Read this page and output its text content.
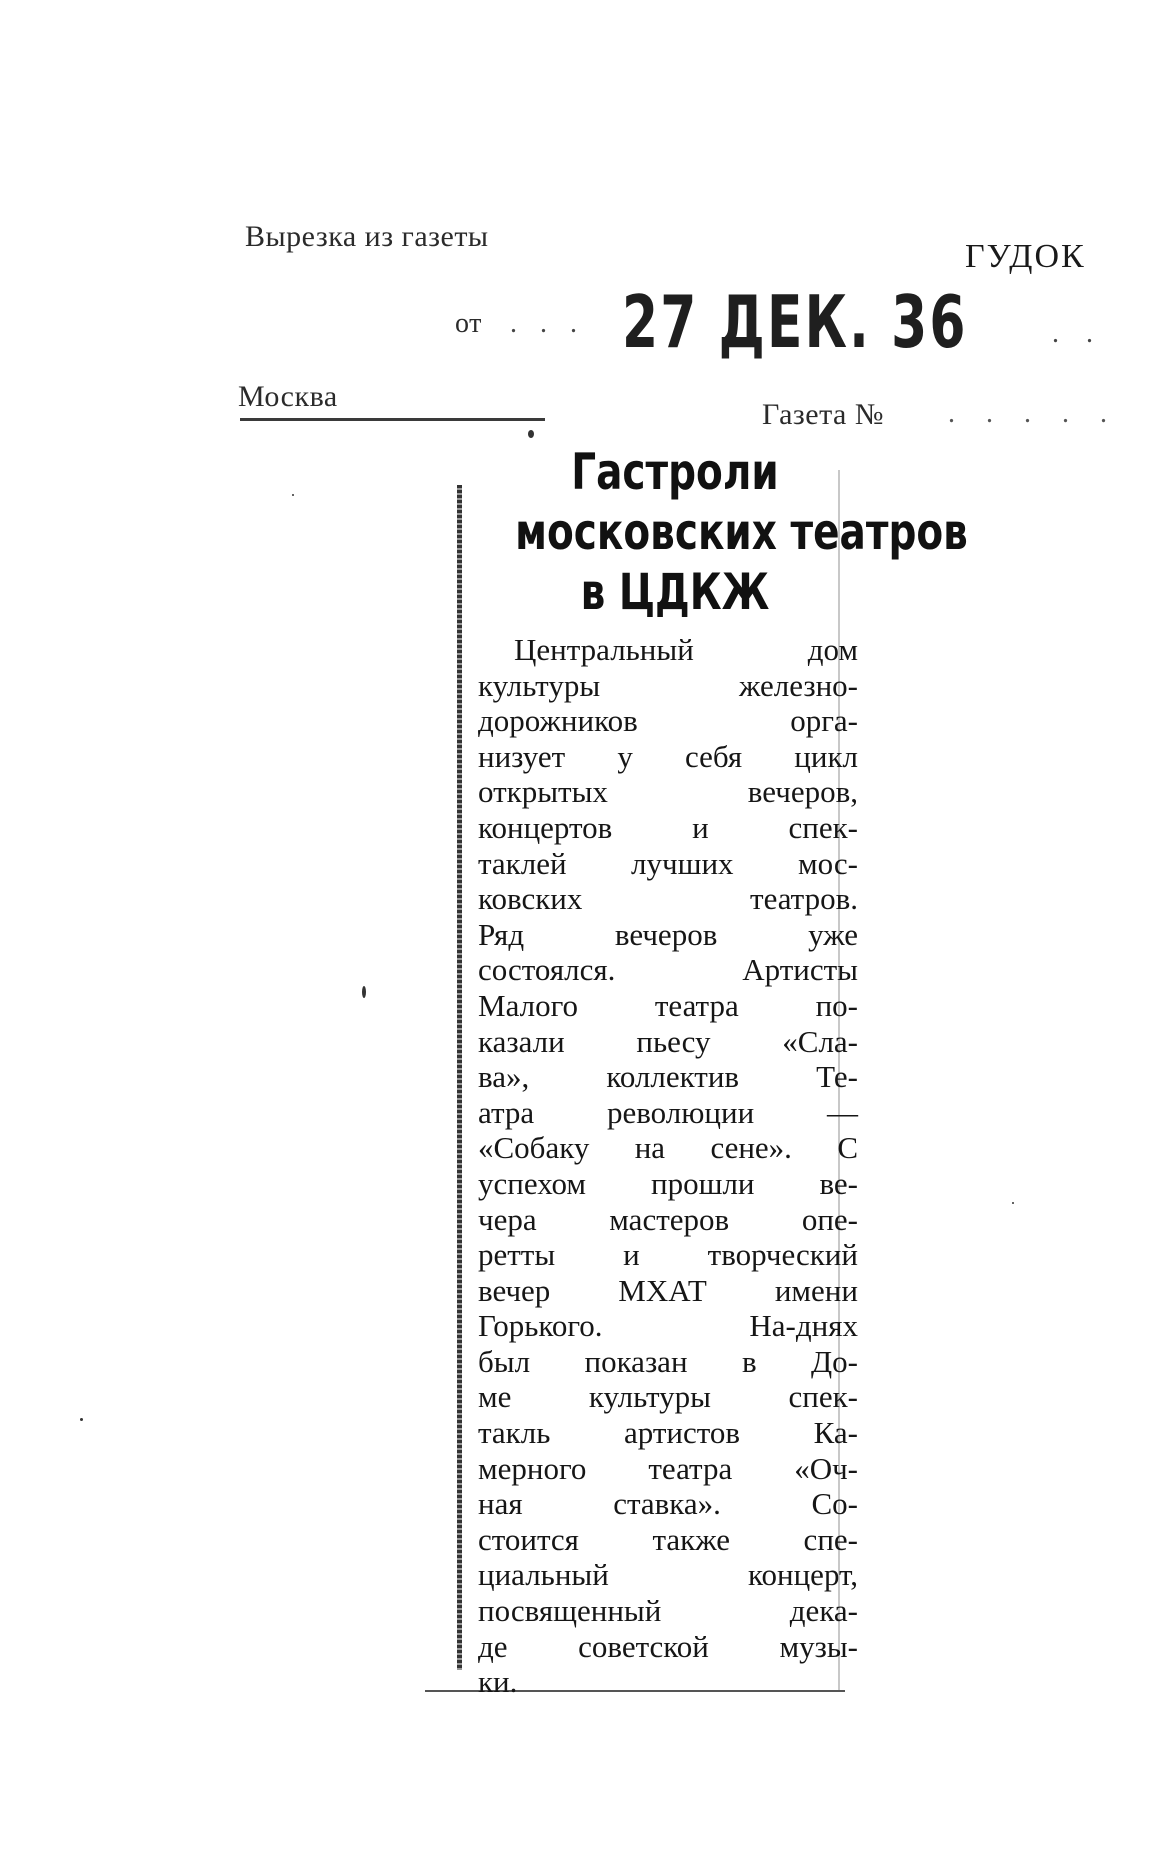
Вырезка из газеты
ГУДОК
от . . . 27 ДЕК. 36	. .
Москва
Газета № . . . . .
Гастроли
московских театров
в ЦДКЖ
Центральный дом
культуры железно-
дорожников орга-
низует у себя цикл
открытых вечеров,
концертов и спек-
таклей лучших мос-
ковских театров.
Ряд вечеров уже
состоялся. Артисты
Малого театра по-
казали пьесу «Сла-
ва», коллектив Те-
атра революции —
«Собаку на сене». С
успехом прошли ве-
чера мастеров опе-
ретты и творческий
вечер МХАТ имени
Горького. На-днях
был показан в До-
ме культуры спек-
такль артистов Ка-
мерного театра «Оч-
ная ставка». Со-
стоится также спе-
циальный концерт,
посвященный дека-
де советской музы-
ки.
